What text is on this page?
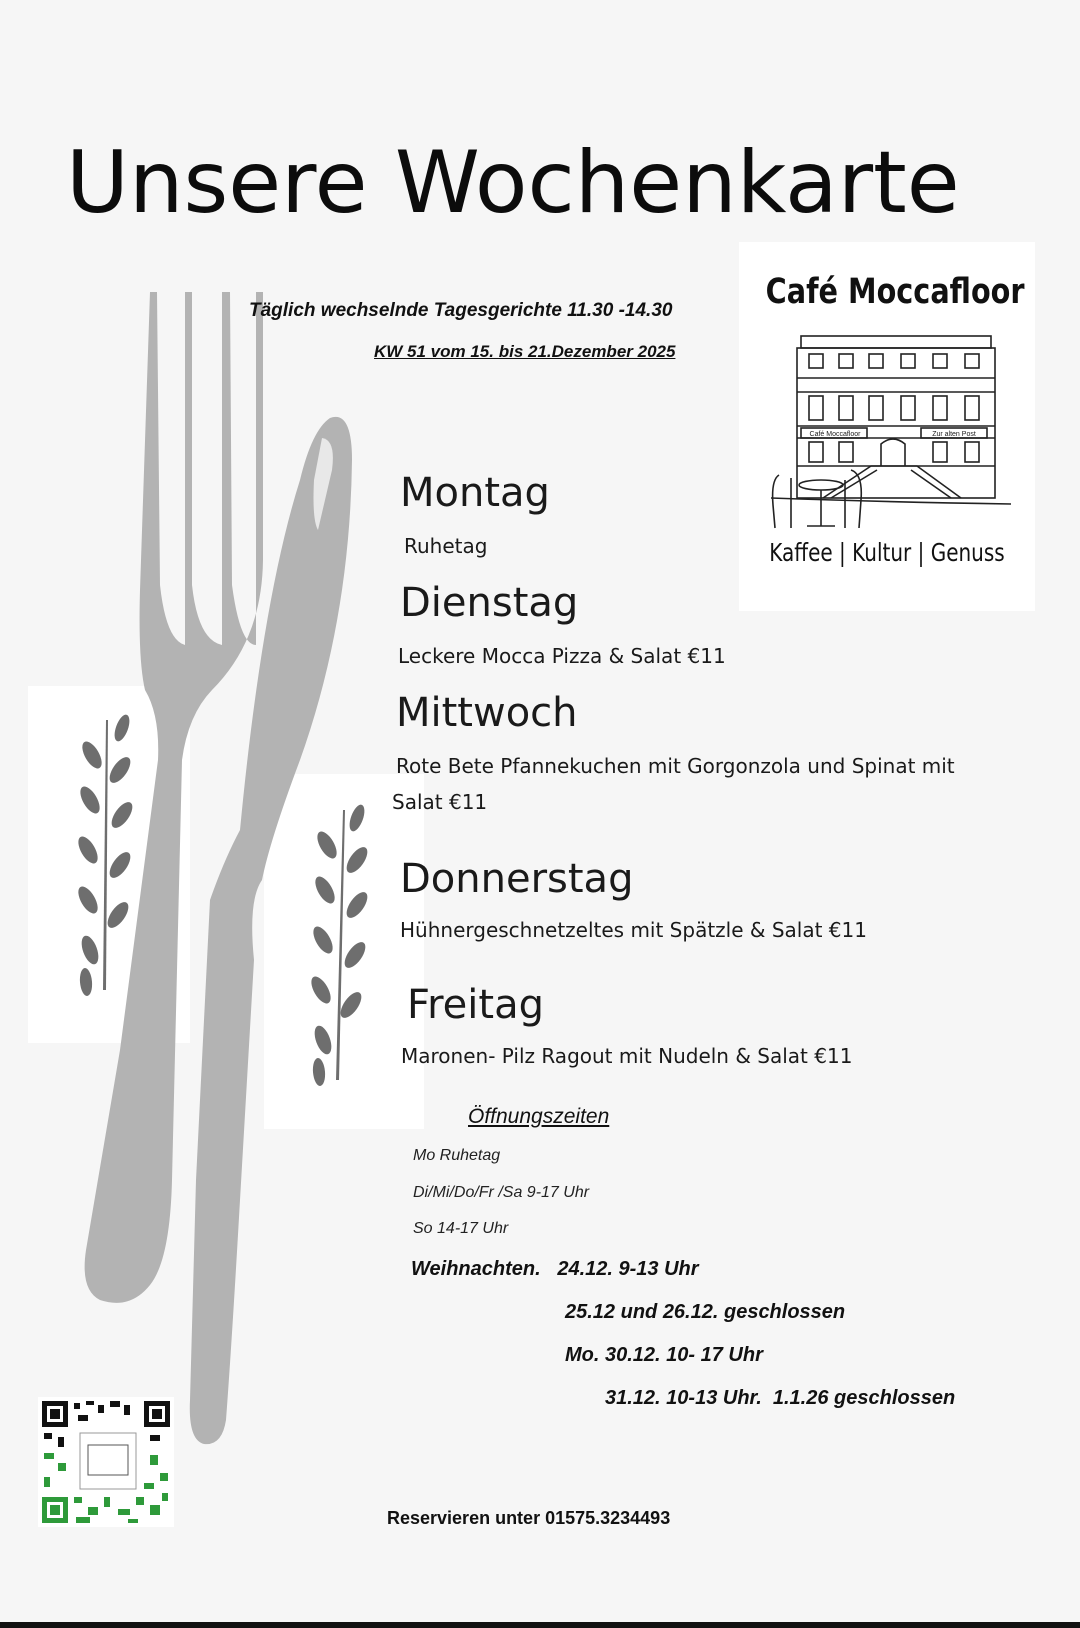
Unsere Wochenkarte
Täglich wechselnde Tagesgerichte 11.30 -14.30
KW 51 vom 15. bis 21.Dezember 2025
Café Moccafloor
Café Moccafloor	Zur alten Post
Kaffee | Kultur | Genuss
Montag
Ruhetag
Dienstag
Leckere Mocca Pizza & Salat €11
Mittwoch
Rote Bete Pfannekuchen mit Gorgonzola und Spinat mit
Salat €11
Donnerstag
Hühnergeschnetzeltes mit Spätzle & Salat €11
Freitag
Maronen- Pilz Ragout mit Nudeln & Salat €11
Öffnungszeiten
Mo Ruhetag
Di/Mi/Do/Fr /Sa 9-17 Uhr
So 14-17 Uhr
Weihnachten.   24.12. 9-13 Uhr
25.12 und 26.12. geschlossen
Mo. 30.12. 10- 17 Uhr
31.12. 10-13 Uhr.  1.1.26 geschlossen
Reservieren unter 01575.3234493
